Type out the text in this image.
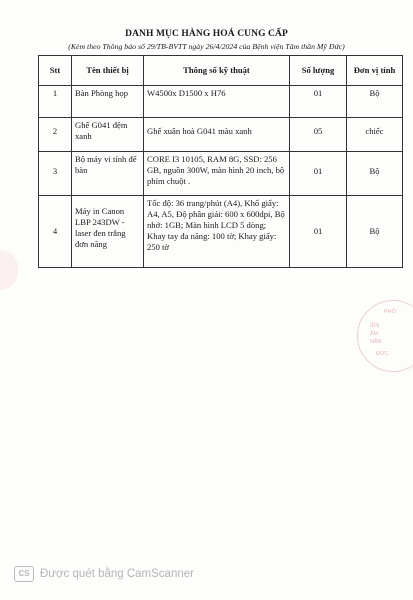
DANH MỤC HÀNG HOÁ CUNG CẤP
(Kèm theo Thông báo số 29/TB-BVTT ngày 26/4/2024 của Bệnh viện Tâm thần Mỹ Đức)
Stt	Tên thiết bị	Thông số kỹ thuật	Số lượng	Đơn vị tính
1	Bàn Phòng họp	W4500x D1500 x H76	01	Bộ
2	Ghế G041 đệm xanh	Ghế xuân hoà G041 màu xanh	05	chiếc
3	Bộ máy vi tính để bàn	CORE I3 10105, RAM 8G, SSD: 256 GB, nguồn 300W, màn hình 20 inch, bộ phím chuột .	01	Bộ
4	Máy in Canon LBP 243DW - laser đen trắng đơn năng	Tốc độ: 36 trang/phút (A4), Khổ giấy: A4, A5, Độ phân giải: 600 x 600dpi, Bộ nhớ: 1GB; Màn hình LCD 5 dòng; Khay tay đa năng: 100 tờ; Khay giấy: 250 tờ	01	Bộ
PHÒ
IỆN
ÂM
NẦN
ĐỨC
CS Được quét bằng CamScanner
